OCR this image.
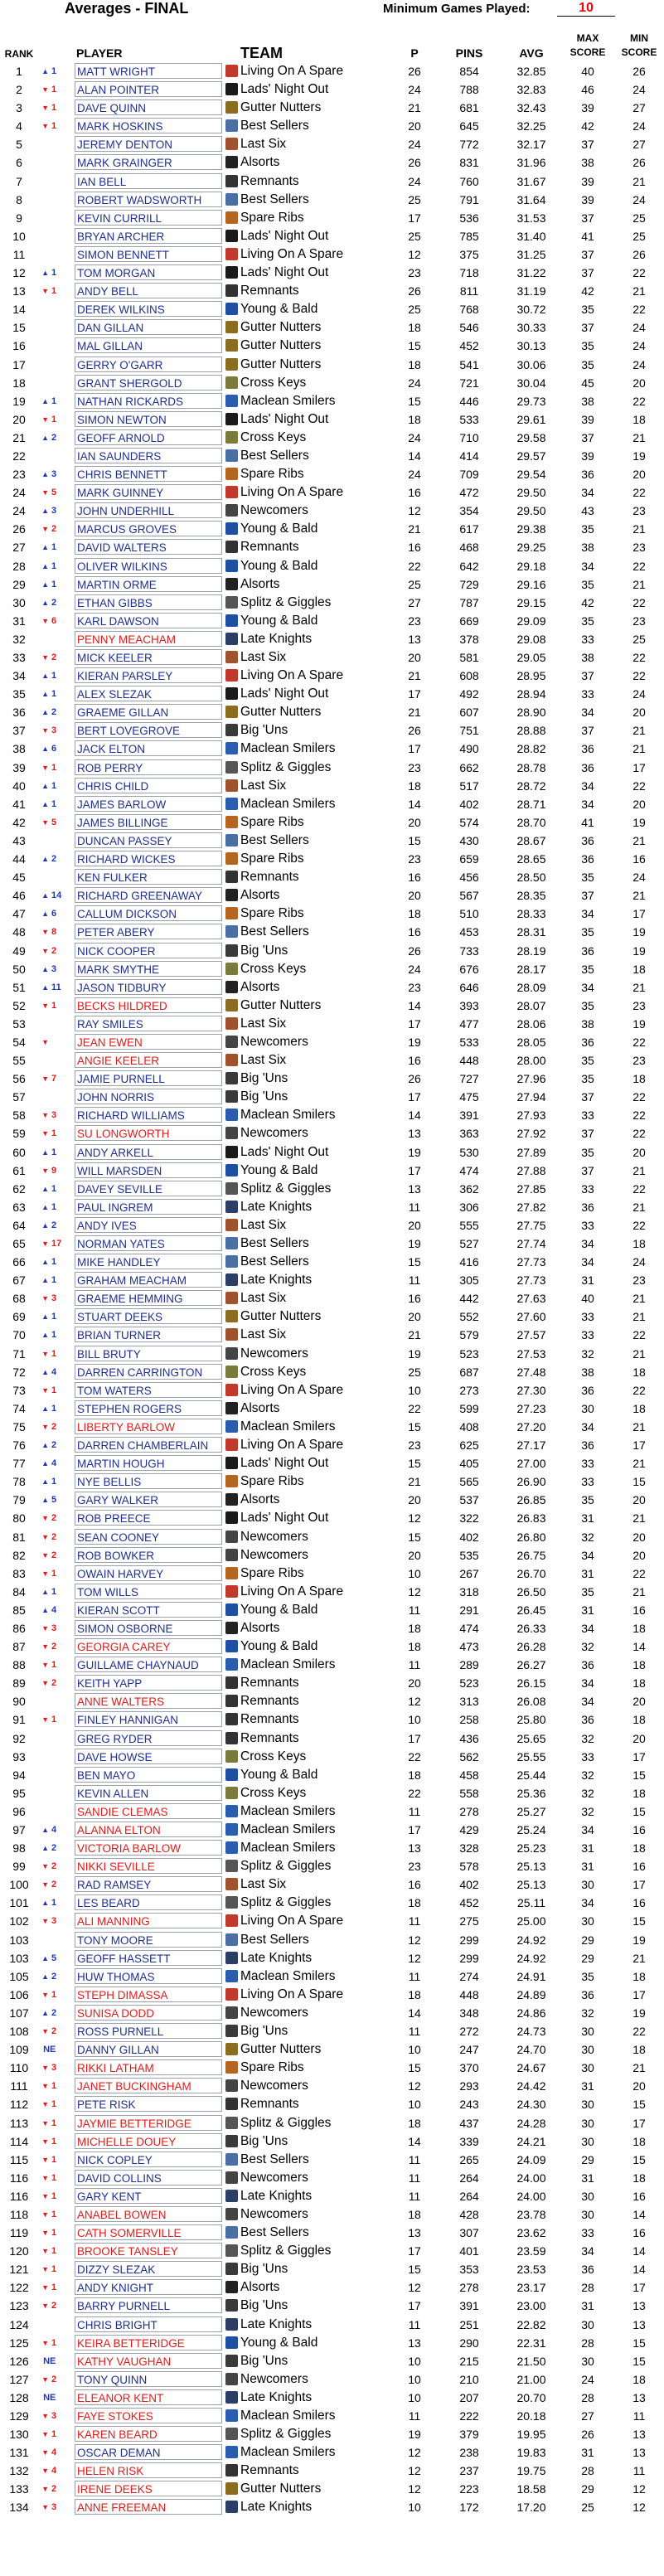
Averages - FINAL	Minimum Games Played:	10
RANK	PLAYER	TEAM	P	PINS	AVG
MAX SCORE
MIN SCORE
1	▲ 1	MATT WRIGHT	Living On A Spare	26	854	32.85	40	26
2	▼ 1	ALAN POINTER	Lads' Night Out	24	788	32.83	46	24
3	▼ 1	DAVE QUINN	Gutter Nutters	21	681	32.43	39	27
4	▼ 1	MARK HOSKINS	Best Sellers	20	645	32.25	42	24
5	JEREMY DENTON	Last Six	24	772	32.17	37	27
6	MARK GRAINGER	Alsorts	26	831	31.96	38	26
7	IAN BELL	Remnants	24	760	31.67	39	21
8	ROBERT WADSWORTH	Best Sellers	25	791	31.64	39	24
9	KEVIN CURRILL	Spare Ribs	17	536	31.53	37	25
10	BRYAN ARCHER	Lads' Night Out	25	785	31.40	41	25
11	SIMON BENNETT	Living On A Spare	12	375	31.25	37	26
12	▲ 1	TOM MORGAN	Lads' Night Out	23	718	31.22	37	22
13	▼ 1	ANDY BELL	Remnants	26	811	31.19	42	21
14	DEREK WILKINS	Young & Bald	25	768	30.72	35	22
15	DAN GILLAN	Gutter Nutters	18	546	30.33	37	24
16	MAL GILLAN	Gutter Nutters	15	452	30.13	35	24
17	GERRY O'GARR	Gutter Nutters	18	541	30.06	35	24
18	GRANT SHERGOLD	Cross Keys	24	721	30.04	45	20
19	▲ 1	NATHAN RICKARDS	Maclean Smilers	15	446	29.73	38	22
20	▼ 1	SIMON NEWTON	Lads' Night Out	18	533	29.61	39	18
21	▲ 2	GEOFF ARNOLD	Cross Keys	24	710	29.58	37	21
22	IAN SAUNDERS	Best Sellers	14	414	29.57	39	19
23	▲ 3	CHRIS BENNETT	Spare Ribs	24	709	29.54	36	20
24	▼ 5	MARK GUINNEY	Living On A Spare	16	472	29.50	34	22
24	▲ 3	JOHN UNDERHILL	Newcomers	12	354	29.50	43	23
26	▼ 2	MARCUS GROVES	Young & Bald	21	617	29.38	35	21
27	▲ 1	DAVID WALTERS	Remnants	16	468	29.25	38	23
28	▲ 1	OLIVER WILKINS	Young & Bald	22	642	29.18	34	22
29	▲ 1	MARTIN ORME	Alsorts	25	729	29.16	35	21
30	▲ 2	ETHAN GIBBS	Splitz & Giggles	27	787	29.15	42	22
31	▼ 6	KARL DAWSON	Young & Bald	23	669	29.09	35	23
32	PENNY MEACHAM	Late Knights	13	378	29.08	33	25
33	▼ 2	MICK KEELER	Last Six	20	581	29.05	38	22
34	▲ 1	KIERAN PARSLEY	Living On A Spare	21	608	28.95	37	22
35	▲ 1	ALEX SLEZAK	Lads' Night Out	17	492	28.94	33	24
36	▲ 2	GRAEME GILLAN	Gutter Nutters	21	607	28.90	34	20
37	▼ 3	BERT LOVEGROVE	Big 'Uns	26	751	28.88	37	21
38	▲ 6	JACK ELTON	Maclean Smilers	17	490	28.82	36	21
39	▼ 1	ROB PERRY	Splitz & Giggles	23	662	28.78	36	17
40	▲ 1	CHRIS CHILD	Last Six	18	517	28.72	34	22
41	▲ 1	JAMES BARLOW	Maclean Smilers	14	402	28.71	34	20
42	▼ 5	JAMES BILLINGE	Spare Ribs	20	574	28.70	41	19
43	DUNCAN PASSEY	Best Sellers	15	430	28.67	36	21
44	▲ 2	RICHARD WICKES	Spare Ribs	23	659	28.65	36	16
45	KEN FULKER	Remnants	16	456	28.50	35	24
46	▲ 14	RICHARD GREENAWAY	Alsorts	20	567	28.35	37	21
47	▲ 6	CALLUM DICKSON	Spare Ribs	18	510	28.33	34	17
48	▼ 8	PETER ABERY	Best Sellers	16	453	28.31	35	19
49	▼ 2	NICK COOPER	Big 'Uns	26	733	28.19	36	19
50	▲ 3	MARK SMYTHE	Cross Keys	24	676	28.17	35	18
51	▲ 11	JASON TIDBURY	Alsorts	23	646	28.09	34	21
52	▼ 1	BECKS HILDRED	Gutter Nutters	14	393	28.07	35	23
53	RAY SMILES	Last Six	17	477	28.06	38	19
54	▼	JEAN EWEN	Newcomers	19	533	28.05	36	22
55	ANGIE KEELER	Last Six	16	448	28.00	35	23
56	▼ 7	JAMIE PURNELL	Big 'Uns	26	727	27.96	35	18
57	JOHN NORRIS	Big 'Uns	17	475	27.94	37	22
58	▼ 3	RICHARD WILLIAMS	Maclean Smilers	14	391	27.93	33	22
59	▼ 1	SU LONGWORTH	Newcomers	13	363	27.92	37	22
60	▲ 1	ANDY ARKELL	Lads' Night Out	19	530	27.89	35	20
61	▼ 9	WILL MARSDEN	Young & Bald	17	474	27.88	37	21
62	▲ 1	DAVEY SEVILLE	Splitz & Giggles	13	362	27.85	33	22
63	▲ 1	PAUL INGREM	Late Knights	11	306	27.82	36	21
64	▲ 2	ANDY IVES	Last Six	20	555	27.75	33	22
65	▼ 17	NORMAN YATES	Best Sellers	19	527	27.74	34	18
66	▲ 1	MIKE HANDLEY	Best Sellers	15	416	27.73	34	24
67	▲ 1	GRAHAM MEACHAM	Late Knights	11	305	27.73	31	23
68	▼ 3	GRAEME HEMMING	Last Six	16	442	27.63	40	21
69	▲ 1	STUART DEEKS	Gutter Nutters	20	552	27.60	33	21
70	▲ 1	BRIAN TURNER	Last Six	21	579	27.57	33	22
71	▼ 1	BILL BRUTY	Newcomers	19	523	27.53	32	21
72	▲ 4	DARREN CARRINGTON	Cross Keys	25	687	27.48	38	18
73	▼ 1	TOM WATERS	Living On A Spare	10	273	27.30	36	22
74	▲ 1	STEPHEN ROGERS	Alsorts	22	599	27.23	30	18
75	▼ 2	LIBERTY BARLOW	Maclean Smilers	15	408	27.20	34	21
76	▲ 2	DARREN CHAMBERLAIN	Living On A Spare	23	625	27.17	36	17
77	▲ 4	MARTIN HOUGH	Lads' Night Out	15	405	27.00	33	21
78	▲ 1	NYE BELLIS	Spare Ribs	21	565	26.90	33	15
79	▲ 5	GARY WALKER	Alsorts	20	537	26.85	35	20
80	▼ 2	ROB PREECE	Lads' Night Out	12	322	26.83	31	21
81	▼ 2	SEAN COONEY	Newcomers	15	402	26.80	32	20
82	▼ 2	ROB BOWKER	Newcomers	20	535	26.75	34	20
83	▼ 1	OWAIN HARVEY	Spare Ribs	10	267	26.70	31	22
84	▲ 1	TOM WILLS	Living On A Spare	12	318	26.50	35	21
85	▲ 4	KIERAN SCOTT	Young & Bald	11	291	26.45	31	16
86	▼ 3	SIMON OSBORNE	Alsorts	18	474	26.33	34	18
87	▼ 2	GEORGIA CAREY	Young & Bald	18	473	26.28	32	14
88	▼ 1	GUILLAME CHAYNAUD	Maclean Smilers	11	289	26.27	36	18
89	▼ 2	KEITH YAPP	Remnants	20	523	26.15	34	18
90	ANNE WALTERS	Remnants	12	313	26.08	34	20
91	▼ 1	FINLEY HANNIGAN	Remnants	10	258	25.80	36	18
92	GREG RYDER	Remnants	17	436	25.65	32	20
93	DAVE HOWSE	Cross Keys	22	562	25.55	33	17
94	BEN MAYO	Young & Bald	18	458	25.44	32	15
95	KEVIN ALLEN	Cross Keys	22	558	25.36	32	18
96	SANDIE CLEMAS	Maclean Smilers	11	278	25.27	32	15
97	▲ 4	ALANNA ELTON	Maclean Smilers	17	429	25.24	34	16
98	▲ 2	VICTORIA BARLOW	Maclean Smilers	13	328	25.23	31	18
99	▼ 2	NIKKI SEVILLE	Splitz & Giggles	23	578	25.13	31	16
100	▼ 2	RAD RAMSEY	Last Six	16	402	25.13	30	17
101	▲ 1	LES BEARD	Splitz & Giggles	18	452	25.11	34	16
102	▼ 3	ALI MANNING	Living On A Spare	11	275	25.00	30	15
103	TONY MOORE	Best Sellers	12	299	24.92	29	19
103	▲ 5	GEOFF HASSETT	Late Knights	12	299	24.92	29	21
105	▲ 2	HUW THOMAS	Maclean Smilers	11	274	24.91	35	18
106	▼ 1	STEPH DIMASSA	Living On A Spare	18	448	24.89	36	17
107	▲ 2	SUNISA DODD	Newcomers	14	348	24.86	32	19
108	▼ 2	ROSS PURNELL	Big 'Uns	11	272	24.73	30	22
109	NE	DANNY GILLAN	Gutter Nutters	10	247	24.70	30	18
110	▼ 3	RIKKI LATHAM	Spare Ribs	15	370	24.67	30	21
111	▼ 1	JANET BUCKINGHAM	Newcomers	12	293	24.42	31	20
112	▼ 1	PETE RISK	Remnants	10	243	24.30	30	15
113	▼ 1	JAYMIE BETTERIDGE	Splitz & Giggles	18	437	24.28	30	17
114	▼ 1	MICHELLE DOUEY	Big 'Uns	14	339	24.21	30	18
115	▼ 1	NICK COPLEY	Best Sellers	11	265	24.09	29	15
116	▼ 1	DAVID COLLINS	Newcomers	11	264	24.00	31	18
116	▼ 1	GARY KENT	Late Knights	11	264	24.00	30	16
118	▼ 1	ANABEL BOWEN	Newcomers	18	428	23.78	30	14
119	▼ 1	CATH SOMERVILLE	Best Sellers	13	307	23.62	33	16
120	▼ 1	BROOKE TANSLEY	Splitz & Giggles	17	401	23.59	34	14
121	▼ 1	DIZZY SLEZAK	Big 'Uns	15	353	23.53	36	14
122	▼ 1	ANDY KNIGHT	Alsorts	12	278	23.17	28	17
123	▼ 2	BARRY PURNELL	Big 'Uns	17	391	23.00	31	13
124	CHRIS BRIGHT	Late Knights	11	251	22.82	30	13
125	▼ 1	KEIRA BETTERIDGE	Young & Bald	13	290	22.31	28	15
126	NE	KATHY VAUGHAN	Big 'Uns	10	215	21.50	30	15
127	▼ 2	TONY QUINN	Newcomers	10	210	21.00	24	18
128	NE	ELEANOR KENT	Late Knights	10	207	20.70	28	13
129	▼ 3	FAYE STOKES	Maclean Smilers	11	222	20.18	27	11
130	▼ 1	KAREN BEARD	Splitz & Giggles	19	379	19.95	26	13
131	▼ 4	OSCAR DEMAN	Maclean Smilers	12	238	19.83	31	13
132	▼ 4	HELEN RISK	Remnants	12	237	19.75	28	11
133	▼ 2	IRENE DEEKS	Gutter Nutters	12	223	18.58	29	12
134	▼ 3	ANNE FREEMAN	Late Knights	10	172	17.20	25	12
